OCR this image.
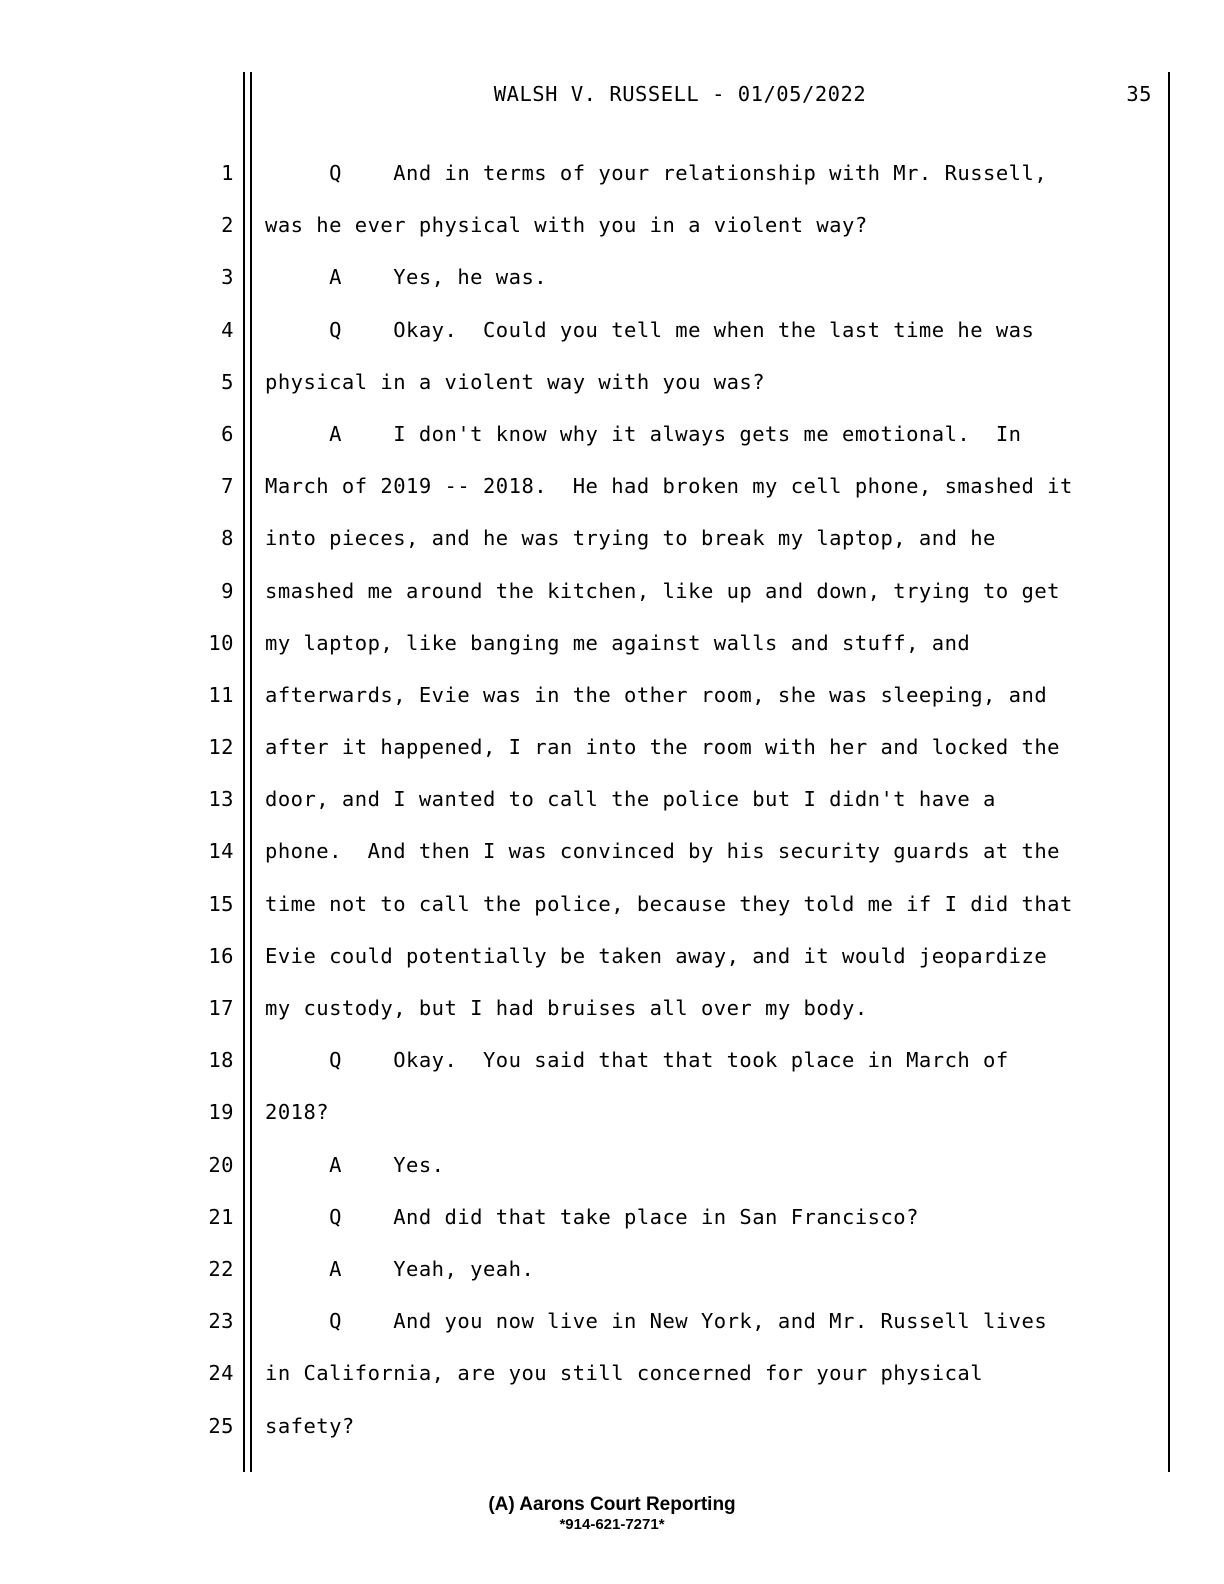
WALSH V. RUSSELL - 01/05/2022

	35

1 Q    And in terms of your relationship with Mr. Russell,
2 was he ever physical with you in a violent way?
3 A    Yes, he was.
4 Q    Okay.  Could you tell me when the last time he was
5 physical in a violent way with you was?
6 A    I don't know why it always gets me emotional.  In
7 March of 2019 -- 2018.  He had broken my cell phone, smashed it
8 into pieces, and he was trying to break my laptop, and he
9 smashed me around the kitchen, like up and down, trying to get
10 my laptop, like banging me against walls and stuff, and
11 afterwards, Evie was in the other room, she was sleeping, and
12 after it happened, I ran into the room with her and locked the
13 door, and I wanted to call the police but I didn't have a
14 phone.  And then I was convinced by his security guards at the
15 time not to call the police, because they told me if I did that
16 Evie could potentially be taken away, and it would jeopardize
17 my custody, but I had bruises all over my body.
18 Q    Okay.  You said that that took place in March of
19 2018?
20 A    Yes.
21 Q    And did that take place in San Francisco?
22 A    Yeah, yeah.
23 Q    And you now live in New York, and Mr. Russell lives
24 in California, are you still concerned for your physical
25 safety?
(A) Aarons Court Reporting
*914-621-7271*
